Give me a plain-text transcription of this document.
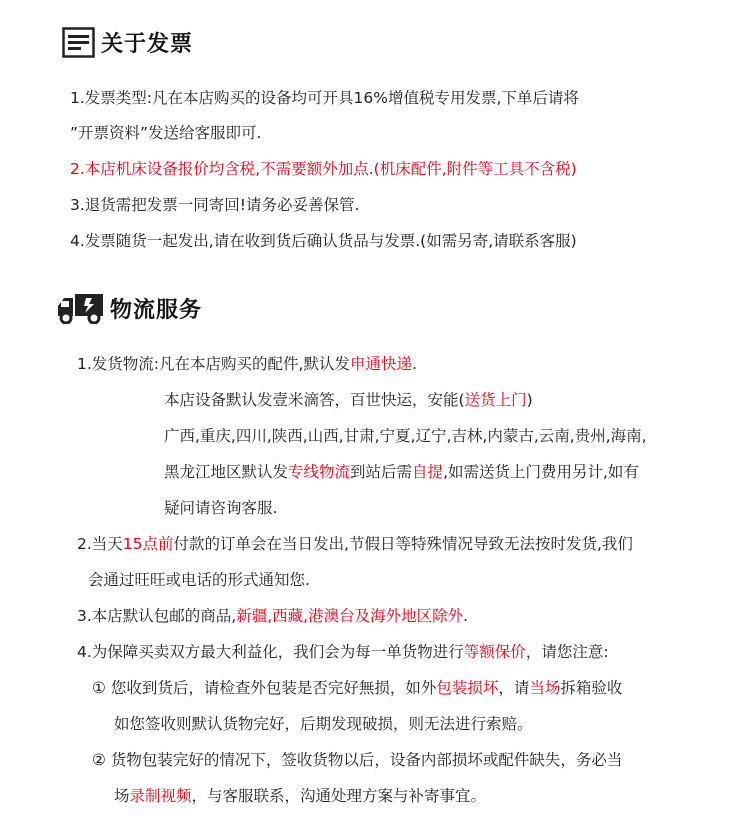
关于发票
1.发票类型:凡在本店购买的设备均可开具16%增值税专用发票,下单后请将
”开票资料”发送给客服即可.
2.本店机床设备报价均含税,不需要额外加点.(机床配件,附件等工具不含税)
3.退货需把发票一同寄回!请务必妥善保管.
4.发票随货一起发出,请在收到货后确认货品与发票.(如需另寄,请联系客服)
物流服务
1.发货物流:凡在本店购买的配件,默认发申通快递.
本店设备默认发壹米滴答，百世快运，安能(送货上门)
广西,重庆,四川,陕西,山西,甘肃,宁夏,辽宁,吉林,内蒙古,云南,贵州,海南,
黑龙江地区默认发专线物流到站后需自提,如需送货上门费用另计,如有
疑问请咨询客服.
2.当天15点前付款的订单会在当日发出,节假日等特殊情况导致无法按时发货,我们
会通过旺旺或电话的形式通知您.
3.本店默认包邮的商品,新疆,西藏,港澳台及海外地区除外.
4.为保障买卖双方最大利益化，我们会为每一单货物进行等额保价，请您注意:
① 您收到货后，请检查外包装是否完好無损，如外包装损坏，请当场拆箱验收
如您签收则默认货物完好，后期发现破损，则无法进行索赔。
② 货物包装完好的情况下，签收货物以后，设备内部损坏或配件缺失，务必当
场录制视频，与客服联系，沟通处理方案与补寄事宜。
